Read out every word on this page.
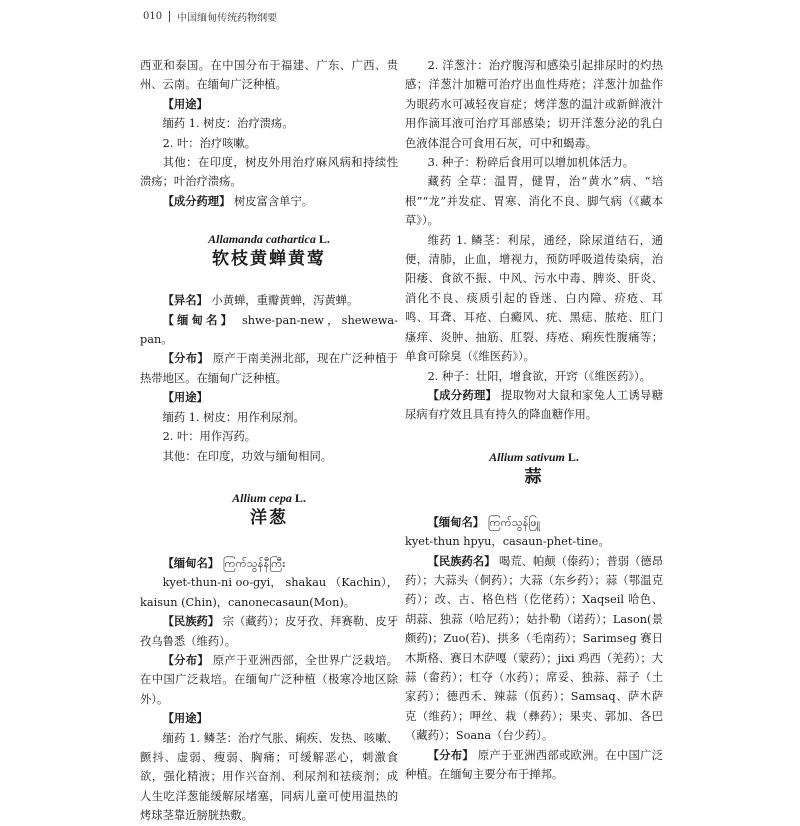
010 中国缅甸传统药物纲要

西亚和泰国。在中国分布于福建、广东、广西、贵州、云南。在缅甸广泛种植。

【用途】

缅药 1. 树皮：治疗溃疡。

2. 叶：治疗咳嗽。

其他：在印度，树皮外用治疗麻风病和持续性溃疡；叶治疗溃疡。

【成分药理】 树皮富含单宁。

Allamanda cathartica L.
软枝黄蝉黄莺

【异名】 小黄蝉，重瓣黄蝉，泻黄蝉。

【缅甸名】 shwe-pan-new，shewewa-pan。

【分布】 原产于南美洲北部，现在广泛种植于热带地区。在缅甸广泛种植。

【用途】

缅药 1. 树皮：用作利尿剂。

2. 叶：用作泻药。

其他：在印度，功效与缅甸相同。

Allium cepa L.
洋葱

【缅甸名】 ကြက်သွန်နီကြီး

kyet-thun-ni oo-gyi， shakau （Kachin），kaisun (Chin)，canonecasaun(Mon)。

【民族药】 宗（藏药）；皮牙孜、拜赛勒、皮牙孜乌鲁悉（维药）。

【分布】 原产于亚洲西部，全世界广泛栽培。在中国广泛栽培。在缅甸广泛种植（极寒冷地区除外）。

【用途】

缅药 1. 鳞茎：治疗气胀、痢疾、发热、咳嗽、颤抖、虚弱、瘦弱、胸痛；可缓解恶心，刺激食欲，强化精液；用作兴奋剂、利尿剂和祛痰剂；成人生吃洋葱能缓解尿堵塞，同病儿童可使用温热的烤球茎靠近膀胱热敷。

2. 洋葱汁：治疗腹泻和感染引起排尿时的灼热感；洋葱汁加糖可治疗出血性痔疮；洋葱汁加盐作为眼药水可减轻夜盲症；烤洋葱的温汁或新鲜液汁用作滴耳液可治疗耳部感染；切开洋葱分泌的乳白色液体混合可食用石灰，可中和蝎毒。

3. 种子：粉碎后食用可以增加机体活力。

藏药 全草：温胃，健胃，治“黄水”病、“培根”“龙”并发症、胃寒、消化不良、脚气病（《藏本草》）。

维药 1. 鳞茎：利尿，通经，除尿道结石，通便，清肺，止血，增视力，预防呼吸道传染病，治阳痿、食欲不振、中风、污水中毒、脾炎、肝炎、消化不良、痰质引起的昏迷、白内障、疥疮、耳鸣、耳聋、耳疮、白癜风、疣、黑痣、脓疮、肛门瘙痒、炎肿、抽筋、肛裂、痔疮、痢疾性腹痛等；单食可除臭（《维医药》）。

2. 种子：壮阳，增食欲，开窍（《维医药》）。

【成分药理】 提取物对大鼠和家兔人工诱导糖尿病有疗效且具有持久的降血糖作用。

Allium sativum L.
蒜

【缅甸名】 ကြက်သွန်ဖြူ

kyet-thun hpyu，casaun-phet-tine。

【民族药名】 喝荒、帕颠（傣药）；普弱（德昂药）；大蒜头（侗药）；大蒜（东乡药）；蒜（鄂温克药）；改、古、格色档（仡佬药）；Xaqseil 哈色、胡蒜、独蒜（哈尼药）；姑扑勒（诺药）；Lason(景颇药)；Zuo(若)、拱多（毛南药）；Sarimseg 赛日木斯格、赛日木萨嘎（蒙药）；jixi 鸡西（羌药）；大蒜（畲药）；杠夺（水药）；席妥、独蒜、蒜子（土家药）；德西禾、辣蒜（佤药）；Samsaq、萨木萨克（维药）；呷丝、栽（彝药）；果夹、郭加、各巴（藏药）；Soana（台少药）。

【分布】 原产于亚洲西部或欧洲。在中国广泛种植。在缅甸主要分布于掸邦。
